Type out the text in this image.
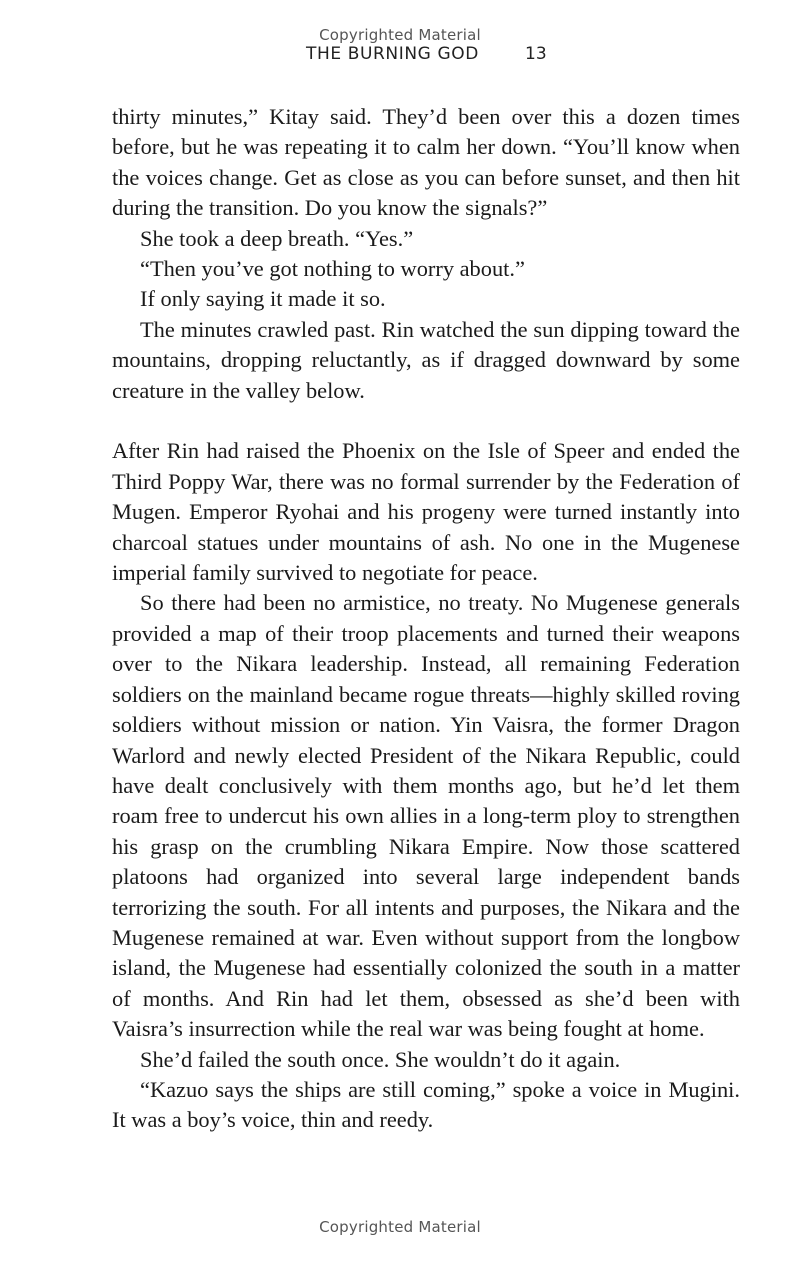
Copyrighted Material
THE BURNING GOD	13

thirty minutes,” Kitay said. They’d been over this a dozen times before, but he was repeating it to calm her down. “You’ll know when the voices change. Get as close as you can before sunset, and then hit during the transition. Do you know the signals?”

She took a deep breath. “Yes.”

“Then you’ve got nothing to worry about.”

If only saying it made it so.

The minutes crawled past. Rin watched the sun dipping toward the mountains, dropping reluctantly, as if dragged downward by some creature in the valley below.

After Rin had raised the Phoenix on the Isle of Speer and ended the Third Poppy War, there was no formal surrender by the Federation of Mugen. Emperor Ryohai and his progeny were turned instantly into charcoal statues under mountains of ash. No one in the Mugenese imperial family survived to negotiate for peace.

So there had been no armistice, no treaty. No Mugenese generals provided a map of their troop placements and turned their weapons over to the Nikara leadership. Instead, all remaining Federation soldiers on the mainland became rogue threats—highly skilled roving soldiers without mission or nation. Yin Vaisra, the former Dragon Warlord and newly elected President of the Nikara Republic, could have dealt conclusively with them months ago, but he’d let them roam free to undercut his own allies in a long-term ploy to strengthen his grasp on the crumbling Nikara Empire. Now those scattered platoons had organized into several large independent bands terrorizing the south. For all intents and purposes, the Nikara and the Mugenese remained at war. Even without support from the longbow island, the Mugenese had essentially colonized the south in a matter of months. And Rin had let them, obsessed as she’d been with Vaisra’s insurrection while the real war was being fought at home.

She’d failed the south once. She wouldn’t do it again.

“Kazuo says the ships are still coming,” spoke a voice in Mugini. It was a boy’s voice, thin and reedy.

Copyrighted Material
